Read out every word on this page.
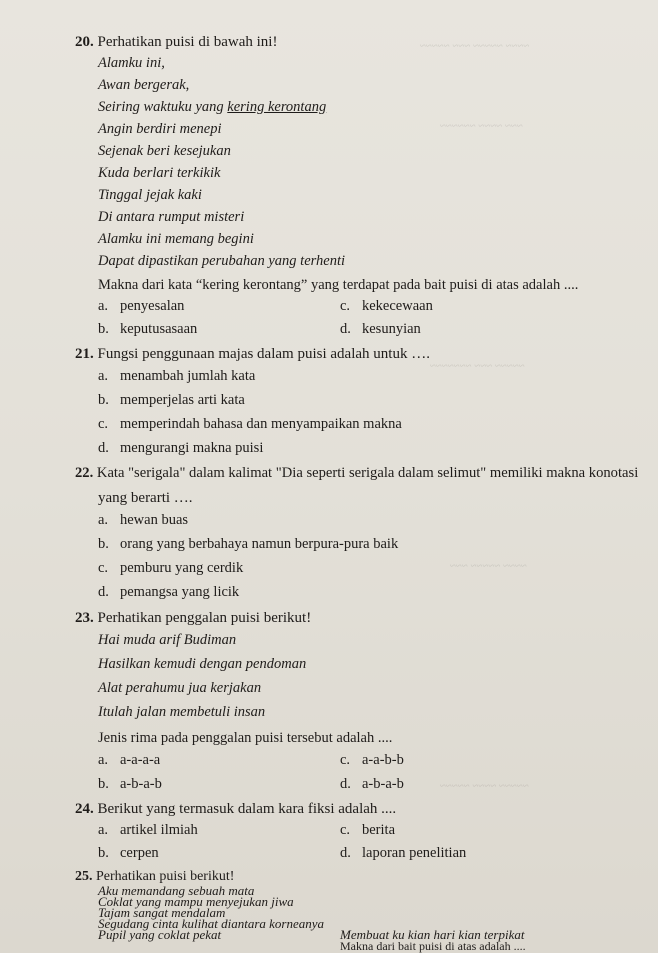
~~~~ ~~~~~ ~~~ ~~~~~
~~~ ~~~~ ~~~~~~
~~~~~ ~~~ ~~~~~~~
~~~~ ~~~~~ ~~~
~~~~~ ~~~~ ~~~~~
20. Perhatikan puisi di bawah ini!
Alamku ini,
Awan bergerak,
Seiring waktuku yang kering kerontang
Angin berdiri menepi
Sejenak beri kesejukan
Kuda berlari terkikik
Tinggal jejak kaki
Di antara rumput misteri
Alamku ini memang begini
Dapat dipastikan perubahan yang terhenti
Makna dari kata “kering kerontang” yang terdapat pada bait puisi di atas adalah ....
a. penyesalan	c. kekecewaan
b. keputusasaan	d. kesunyian
21. Fungsi penggunaan majas dalam puisi adalah untuk ….
a. menambah jumlah kata
b. memperjelas arti kata
c. memperindah bahasa dan menyampaikan makna
d. mengurangi makna puisi
22. Kata "serigala" dalam kalimat "Dia seperti serigala dalam selimut" memiliki makna konotasi
yang berarti ….
a. hewan buas
b. orang yang berbahaya namun berpura-pura baik
c. pemburu yang cerdik
d. pemangsa yang licik
23. Perhatikan penggalan puisi berikut!
Hai muda arif Budiman
Hasilkan kemudi dengan pendoman
Alat perahumu jua kerjakan
Itulah jalan membetuli insan
Jenis rima pada penggalan puisi tersebut adalah ....
a. a-a-a-a	c. a-a-b-b
b. a-b-a-b	d. a-b-a-b
24. Berikut yang termasuk dalam kara fiksi adalah ....
a. artikel ilmiah	c. berita
b. cerpen	d. laporan penelitian
25. Perhatikan puisi berikut!
Aku memandang sebuah mata
Coklat yang mampu menyejukan jiwa
Tajam sangat mendalam
Segudang cinta kulihat diantara korneanya
Pupil yang coklat pekat	Membuat ku kian hari kian terpikat
Makna dari bait puisi di atas adalah ....
